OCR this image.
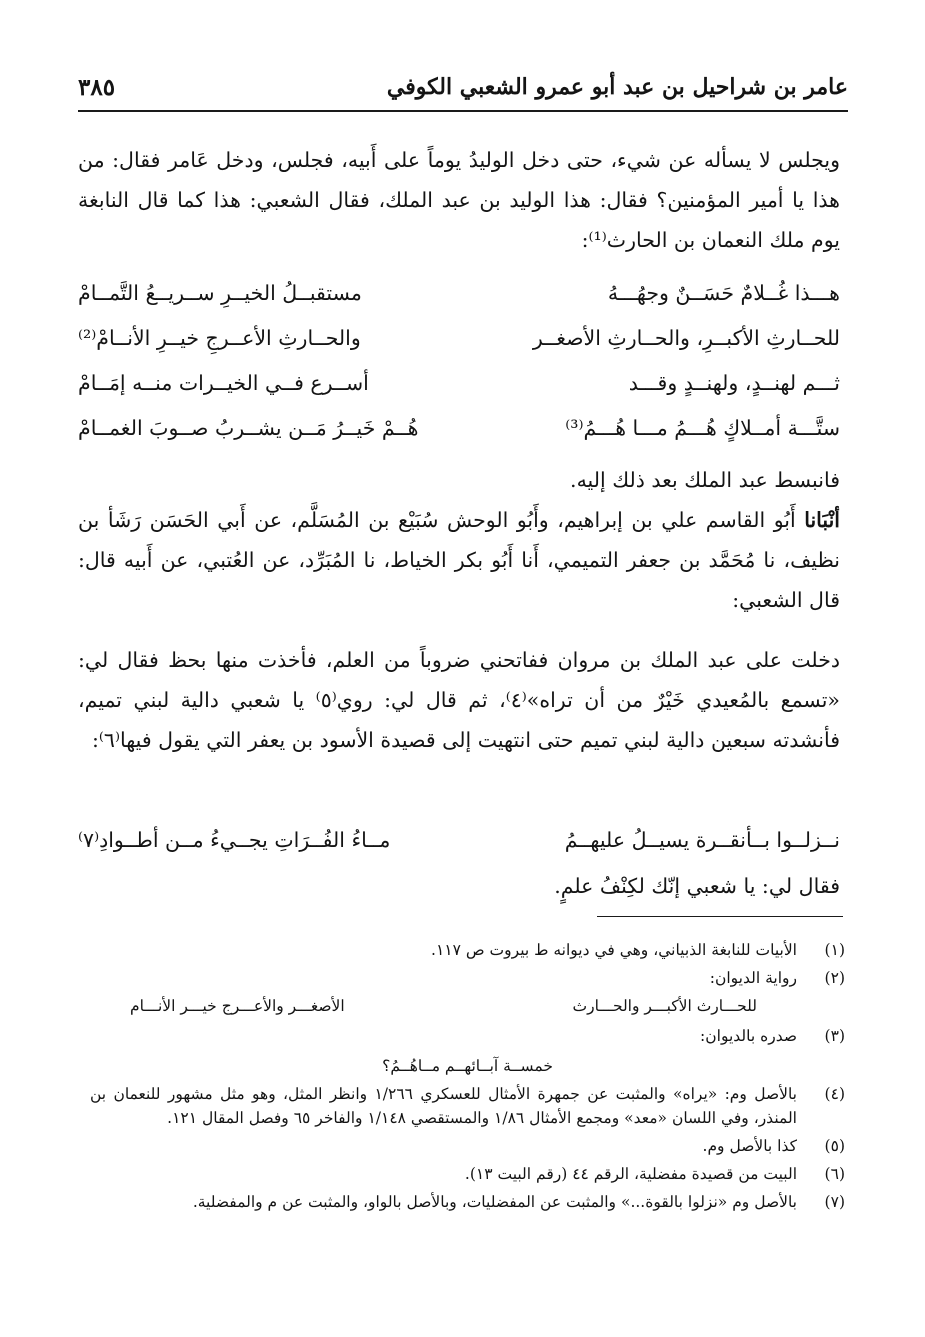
عامر بن شراحيل بن عبد أبو عمرو الشعبي الكوفي
٣٨٥

ويجلس لا يسأله عن شيء، حتى دخل الوليدُ يوماً على أَبيه، فجلس، ودخل عَامر فقال: من هذا يا أمير المؤمنين؟ فقال: هذا الوليد بن عبد الملك، فقال الشعبي: هذا كما قال النابغة يوم ملك النعمان بن الحارث⁽¹⁾:

هـــذا غُــلامٌ حَسَــنٌ وجهُـــهُ
مستقبــلُ الخيــرِ ســريــعُ التَّمــامْ
للحــارثِ الأكبــرِ، والحــارثِ الأصغــر
والحــارثِ الأعــرجِ خيــرِ الأنــامْ⁽²⁾
ثـــم لهنــدٍ، ولهنــدٍ وقـــد
أســرع فــي الخيــرات منــه إمَــامْ
ستَّـــة أمــلاكٍ هُـــمُ مـــا هُـــمُ⁽³⁾
هُــمْ خَيــرُ مَــن يشــربُ صــوبَ الغمــامْ

فانبسط عبد الملك بعد ذلك إليه.

أنْبَانا أَبُو القاسم علي بن إبراهيم، وأَبُو الوحش سُبَيْع بن المُسَلَّم، عن أَبي الحَسَن رَشَأ بن نظيف، نا مُحَمَّد بن جعفر التميمي، أَنا أَبُو بكر الخياط، نا المُبَرِّد، عن العُتبي، عن أَبيه قال: قال الشعبي:

دخلت على عبد الملك بن مروان ففاتحني ضروباً من العلم، فأخذت منها بحظ فقال لي: «تسمع بالمُعيدي خَيْرٌ من أن تراه»⁽٤⁾، ثم قال لي: روي⁽٥⁾ يا شعبي دالية لبني تميم، فأنشدته سبعين دالية لبني تميم حتى انتهيت إلى قصيدة الأسود بن يعفر التي يقول فيها⁽٦⁾:

نــزلــوا بــأنقــرة يسيــلُ عليهــمُ
مــاءُ الفُــرَاتِ يجــيءُ مــن أطــوادِ⁽٧⁾

فقال لي: يا شعبي إنّك لكِنْفُ علمٍ.

(١)
الأبيات للنابغة الذبياني، وهي في ديوانه ط بيروت ص ١١٧.
(٢)
رواية الديوان:
للحـــارث الأكبـــر والحـــارث
الأصغـــر والأعـــرج خيـــر الأنـــام
(٣)
صدره بالديوان:
خمســة آبــائهــم مــاهُــمُ؟
(٤)
بالأصل وم: «يراه» والمثبت عن جمهرة الأمثال للعسكري ١/٢٦٦ وانظر المثل، وهو مثل مشهور للنعمان بن المنذر، وفي اللسان «معد» ومجمع الأمثال ١/٨٦ والمستقصي ١/١٤٨ والفاخر ٦٥ وفصل المقال ١٢١.
(٥)
كذا بالأصل وم.
(٦)
البيت من قصيدة مفضلية، الرقم ٤٤ (رقم البيت ١٣).
(٧)
بالأصل وم «نزلوا بالقوة...» والمثبت عن المفضليات، وبالأصل بالواو، والمثبت عن م والمفضلية.
